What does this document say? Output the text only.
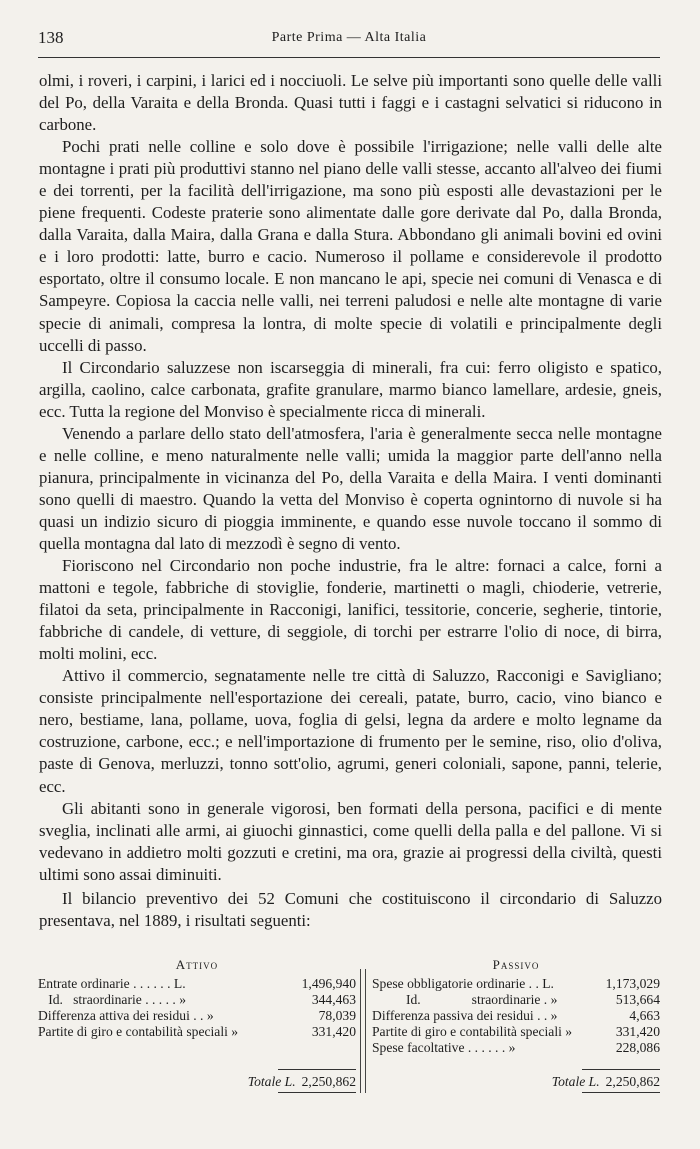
138	Parte Prima — Alta Italia

olmi, i roveri, i carpini, i larici ed i nocciuoli. Le selve più importanti sono quelle delle valli del Po, della Varaita e della Bronda. Quasi tutti i faggi e i castagni selvatici si riducono in carbone.

Pochi prati nelle colline e solo dove è possibile l'irrigazione; nelle valli delle alte montagne i prati più produttivi stanno nel piano delle valli stesse, accanto all'alveo dei fiumi e dei torrenti, per la facilità dell'irrigazione, ma sono più esposti alle devastazioni per le piene frequenti. Codeste praterie sono alimentate dalle gore derivate dal Po, dalla Bronda, dalla Varaita, dalla Maira, dalla Grana e dalla Stura. Abbondano gli animali bovini ed ovini e i loro prodotti: latte, burro e cacio. Numeroso il pollame e considerevole il prodotto esportato, oltre il consumo locale. E non mancano le api, specie nei comuni di Venasca e di Sampeyre. Copiosa la caccia nelle valli, nei terreni paludosi e nelle alte montagne di varie specie di animali, compresa la lontra, di molte specie di volatili e principalmente degli uccelli di passo.

Il Circondario saluzzese non iscarseggia di minerali, fra cui: ferro oligisto e spatico, argilla, caolino, calce carbonata, grafite granulare, marmo bianco lamellare, ardesie, gneis, ecc. Tutta la regione del Monviso è specialmente ricca di minerali.

Venendo a parlare dello stato dell'atmosfera, l'aria è generalmente secca nelle montagne e nelle colline, e meno naturalmente nelle valli; umida la maggior parte dell'anno nella pianura, principalmente in vicinanza del Po, della Varaita e della Maira. I venti dominanti sono quelli di maestro. Quando la vetta del Monviso è coperta ognintorno di nuvole si ha quasi un indizio sicuro di pioggia imminente, e quando esse nuvole toccano il sommo di quella montagna dal lato di mezzodì è segno di vento.

Fioriscono nel Circondario non poche industrie, fra le altre: fornaci a calce, forni a mattoni e tegole, fabbriche di stoviglie, fonderie, martinetti o magli, chioderie, vetrerie, filatoi da seta, principalmente in Racconigi, lanifici, tessitorie, concerie, segherie, tintorie, fabbriche di candele, di vetture, di seggiole, di torchi per estrarre l'olio di noce, di birra, molti molini, ecc.

Attivo il commercio, segnatamente nelle tre città di Saluzzo, Racconigi e Savigliano; consiste principalmente nell'esportazione dei cereali, patate, burro, cacio, vino bianco e nero, bestiame, lana, pollame, uova, foglia di gelsi, legna da ardere e molto legname da costruzione, carbone, ecc.; e nell'importazione di frumento per le semine, riso, olio d'oliva, paste di Genova, merluzzi, tonno sott'olio, agrumi, generi coloniali, sapone, panni, telerie, ecc.

Gli abitanti sono in generale vigorosi, ben formati della persona, pacifici e di mente sveglia, inclinati alle armi, ai giuochi ginnastici, come quelli della palla e del pallone. Vi si vedevano in addietro molti gozzuti e cretini, ma ora, grazie ai progressi della civiltà, questi ultimi sono assai diminuiti.

Il bilancio preventivo dei 52 Comuni che costituiscono il circondario di Saluzzo presentava, nel 1889, i risultati seguenti:

Attivo
Entrate ordinarie . . . . . . L.	1,496,940
Id.   straordinarie . . . . . »	344,463
Differenza attiva dei residui . . »	78,039
Partite di giro e contabilità speciali »	331,420
Totale L. 2,250,862
Passivo
Spese obbligatorie ordinarie . . L.	1,173,029
Id.               straordinarie . »	513,664
Differenza passiva dei residui . . »	4,663
Partite di giro e contabilità speciali »	331,420
Spese facoltative . . . . . . »	228,086
Totale L. 2,250,862
